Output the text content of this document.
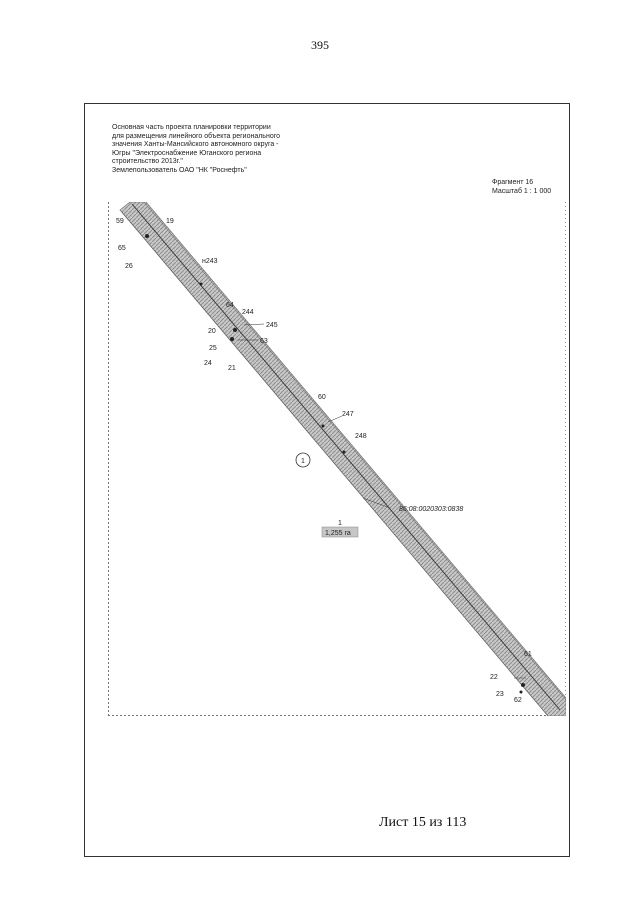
395
Основная часть проекта планировки территории
для размещения линейного объекта регионального
значения Ханты-Мансийского автономного округа -
Югры "Электроснабжение Юганского региона
строительство 2013г."
Землепользователь ОАО "НК "Роснефть"
Фрагмент 16
Масштаб 1 : 1 000
59	19
65
26
н243
64
244
245
20
63
25
24
21
60
247
248
61
22
23
62
1
86:08:0020303:0838
1
1,255 га
Лист 15 из 113
